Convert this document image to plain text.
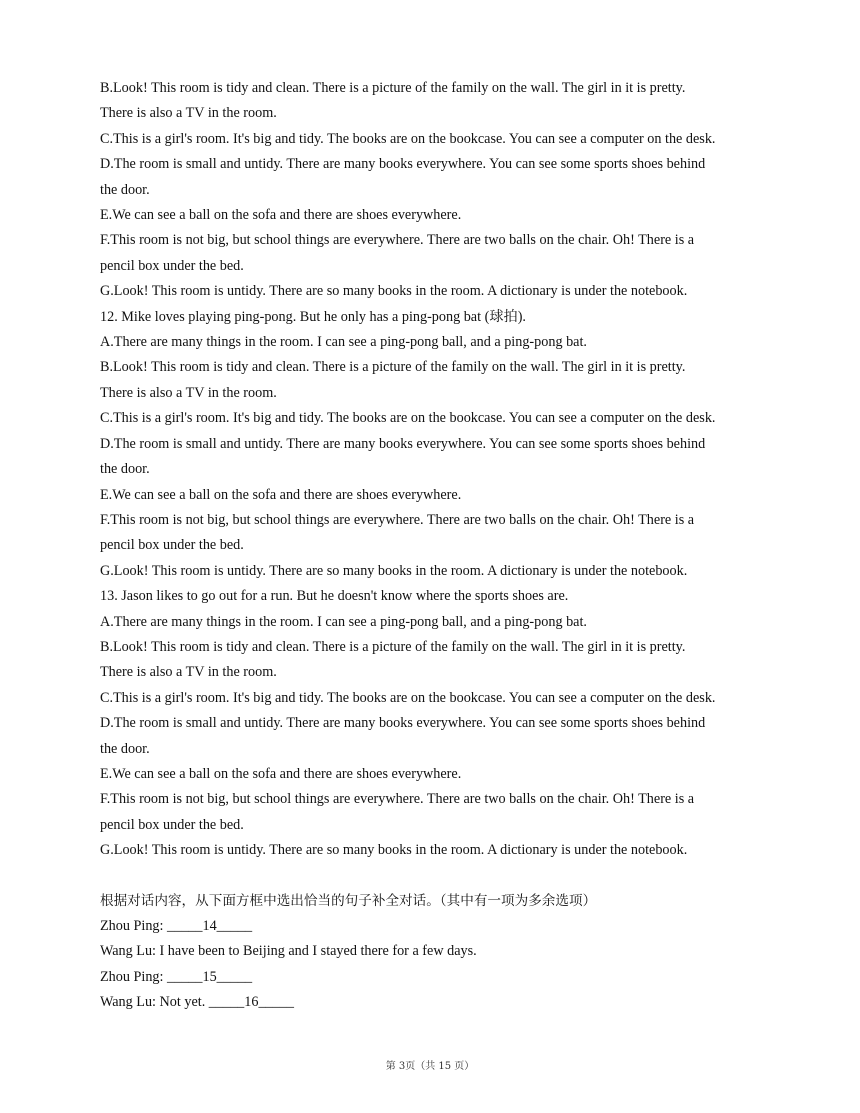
B.Look! This room is tidy and clean. There is a picture of the family on the wall. The girl in it is pretty.
There is also a TV in the room.
C.This is a girl's room. It's big and tidy. The books are on the bookcase. You can see a computer on the desk.
D.The room is small and untidy. There are many books everywhere. You can see some sports shoes behind
the door.
E.We can see a ball on the sofa and there are shoes everywhere.
F.This room is not big, but school things are everywhere. There are two balls on the chair. Oh! There is a
pencil box under the bed.
G.Look! This room is untidy. There are so many books in the room. A dictionary is under the notebook.
12. Mike loves playing ping-pong. But he only has a ping-pong bat (球拍).
A.There are many things in the room. I can see a ping-pong ball, and a ping-pong bat.
B.Look! This room is tidy and clean. There is a picture of the family on the wall. The girl in it is pretty.
There is also a TV in the room.
C.This is a girl's room. It's big and tidy. The books are on the bookcase. You can see a computer on the desk.
D.The room is small and untidy. There are many books everywhere. You can see some sports shoes behind
the door.
E.We can see a ball on the sofa and there are shoes everywhere.
F.This room is not big, but school things are everywhere. There are two balls on the chair. Oh! There is a
pencil box under the bed.
G.Look! This room is untidy. There are so many books in the room. A dictionary is under the notebook.
13. Jason likes to go out for a run. But he doesn't know where the sports shoes are.
A.There are many things in the room. I can see a ping-pong ball, and a ping-pong bat.
B.Look! This room is tidy and clean. There is a picture of the family on the wall. The girl in it is pretty.
There is also a TV in the room.
C.This is a girl's room. It's big and tidy. The books are on the bookcase. You can see a computer on the desk.
D.The room is small and untidy. There are many books everywhere. You can see some sports shoes behind
the door.
E.We can see a ball on the sofa and there are shoes everywhere.
F.This room is not big, but school things are everywhere. There are two balls on the chair. Oh! There is a
pencil box under the bed.
G.Look! This room is untidy. There are so many books in the room. A dictionary is under the notebook.
根据对话内容，从下面方框中选出恰当的句子补全对话。（其中有一项为多余选项）
Zhou Ping: _____14_____
Wang Lu: I have been to Beijing and I stayed there for a few days.
Zhou Ping: _____15_____
Wang Lu: Not yet. _____16_____
第 3页（共 15 页）
